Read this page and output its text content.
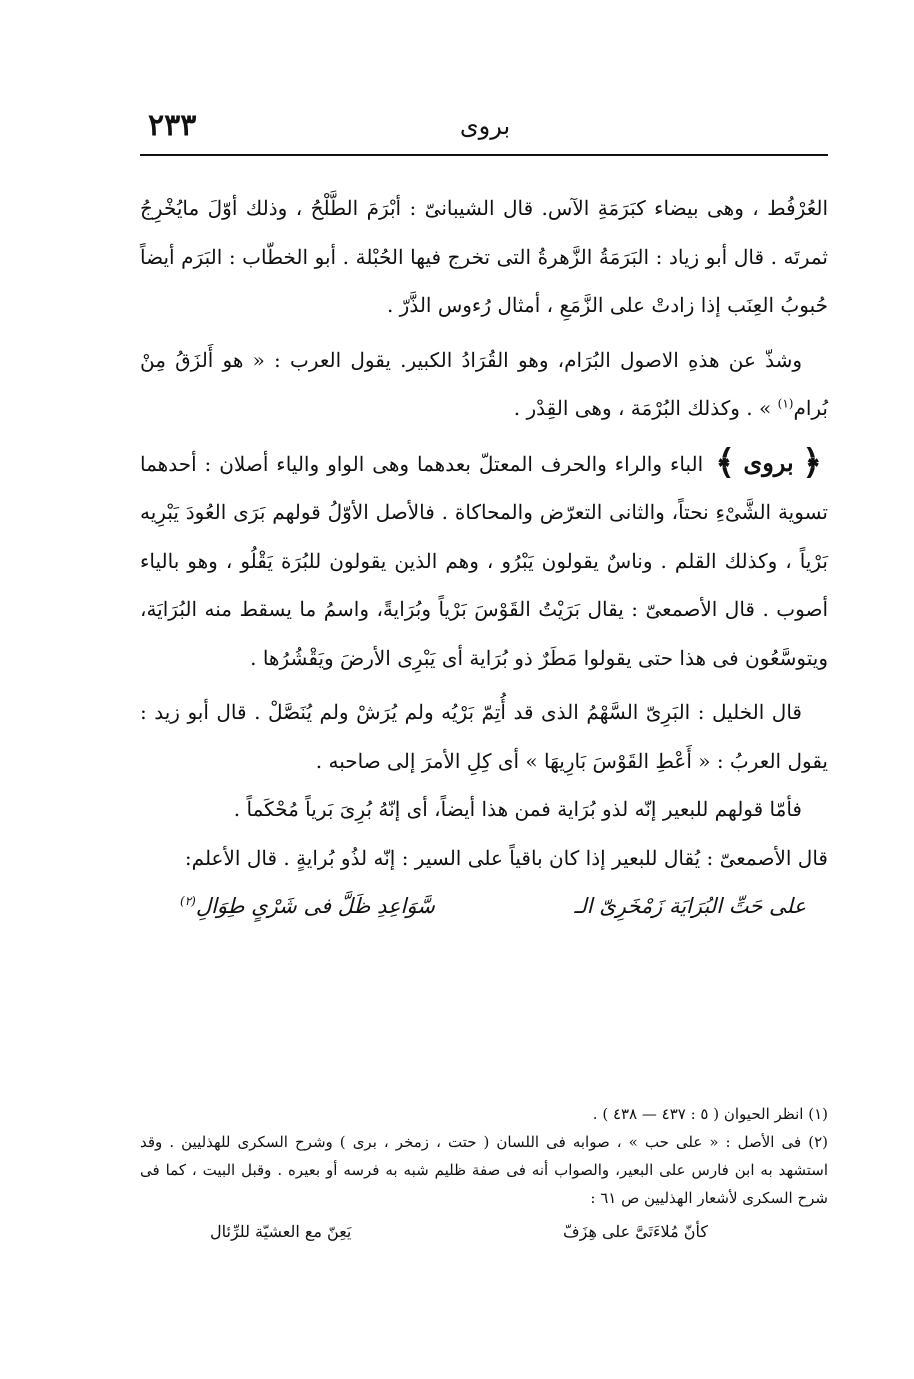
٢٣٣	بروى

العُرْفُط ، وهى بيضاء كبَرَمَةِ الآس. قال الشيبانىّ : أبْرَمَ الطَّلْحُ ، وذلك أوّلَ مايُخْرِجُ ثمرتَه . قال أبو زياد : البَرَمَةُ الزَّهرةُ التى تخرج فيها الحُبْلة . أبو الخطّاب : البَرَم أيضاً حُبوبُ العِنَب إذا زادتْ على الزَّمَعِ ، أمثال رُءوس الذَّرّ .

وشذّ عن هذهِ الاصول البُرَام، وهو القُرَادُ الكبير. يقول العرب : « هو أَلزَقُ مِنْ بُرام$^{(١)}$ » . وكذلك البُرْمَة ، وهى القِدْر .

﴿ بروى ﴾الباء والراء والحرف المعتلّ بعدهما وهى الواو والياء أصلان : أحدهما تسوية الشَّىْءِ نحتاً، والثانى التعرّض والمحاكاة . فالأصل الأوّلُ قولهم بَرَى العُودَ يَبْرِيه بَرْياً ، وكذلك القلم . وناسٌ يقولون يَبْرُو ، وهم الذين يقولون للبُرَة يَقْلُو ، وهو بالياء أصوب . قال الأصمعىّ : يقال بَرَيْتُ القَوْسَ بَرْياً وبُرَايةً، واسمُ ما يسقط منه البُرَايَة، ويتوسَّعُون فى هذا حتى يقولوا مَطَرٌ ذو بُرَاية أى يَبْرِى الأرضَ ويَقْشُرُها .

قال الخليل : البَرِىّ السَّهْمُ الذى قد أُتِمّ بَرْيُه ولم يُرَشْ ولم يُنَصَّلْ . قال أبو زيد : يقول العربُ : « أَعْطِ القَوْسَ بَارِيهَا » أى كِلِ الأمرَ إلى صاحبه .

فأمّا قولهم للبعير إنّه لذو بُرَاية فمن هذا أيضاً، أى إنّهُ بُرِىَ بَرياً مُحْكَماً .

قال الأصمعىّ : يُقال للبعير إذا كان باقياً على السير : إنّه لذُو بُرايةٍ . قال الأعلم:

على حَتِّ البُرَايَة زَمْخَرِىّ الـ
سَّوَاعِدِ ظَلَّ فى شَرْىٍ طِوَالِ$^{(٢)}$

(١) انظر الحيوان ( ٥ : ٤٣٧ — ٤٣٨ ) .

(٢) فى الأصل : « على حب » ، صوابه فى اللسان ( حتت ، زمخر ، برى ) وشرح السكرى للهذليين . وقد استشهد به ابن فارس على البعير، والصواب أنه فى صفة ظليم شبه به فرسه أو بعيره . وقبل البيت ، كما فى شرح السكرى لأشعار الهذليين ص ٦١ :

كأنّ مُلاءَتَىَّ على هِزَفّ
يَعِنّ مع العشيّة للرِّئال
